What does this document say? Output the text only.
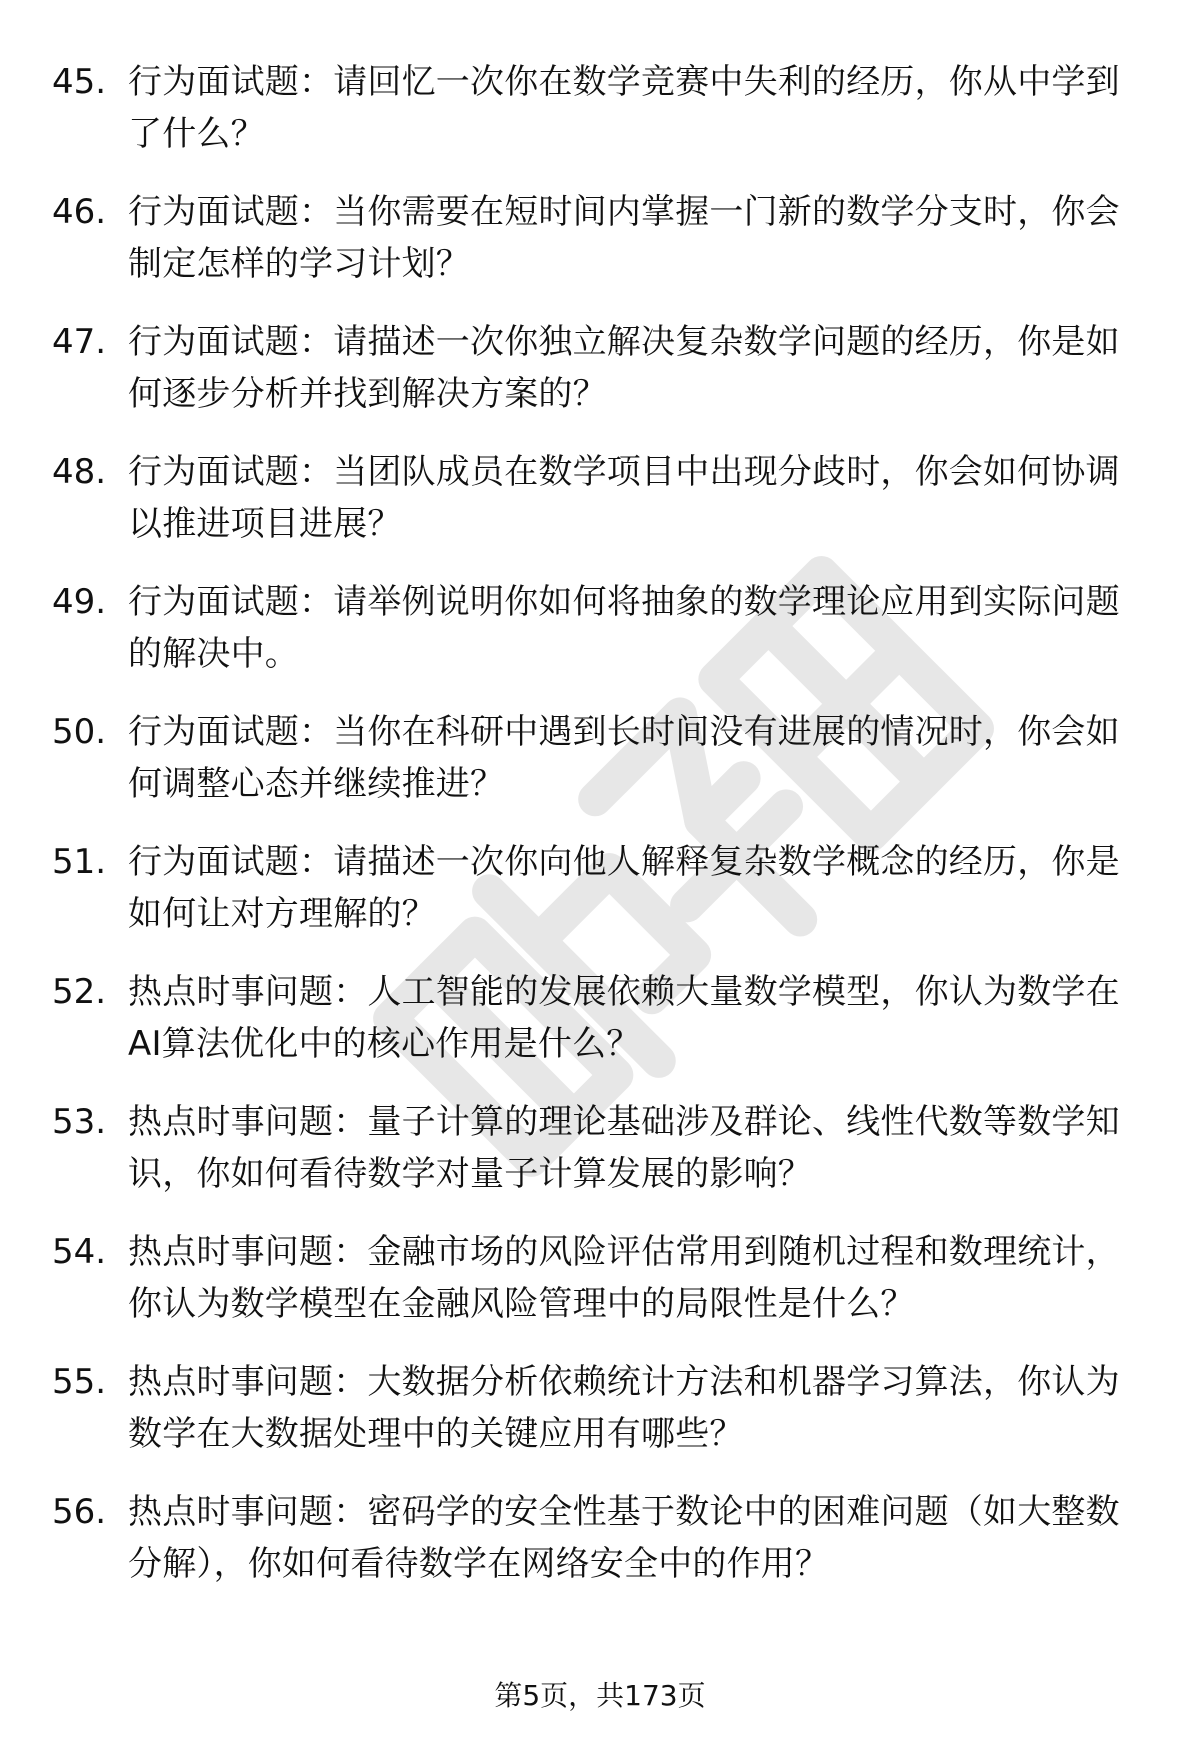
45. 行为面试题：请回忆一次你在数学竞赛中失利的经历，你从中学到了什么？
46. 行为面试题：当你需要在短时间内掌握一门新的数学分支时，你会制定怎样的学习计划？
47. 行为面试题：请描述一次你独立解决复杂数学问题的经历，你是如何逐步分析并找到解决方案的？
48. 行为面试题：当团队成员在数学项目中出现分歧时，你会如何协调以推进项目进展？
49. 行为面试题：请举例说明你如何将抽象的数学理论应用到实际问题的解决中。
50. 行为面试题：当你在科研中遇到长时间没有进展的情况时，你会如何调整心态并继续推进？
51. 行为面试题：请描述一次你向他人解释复杂数学概念的经历，你是如何让对方理解的？
52. 热点时事问题：人工智能的发展依赖大量数学模型，你认为数学在AI算法优化中的核心作用是什么？
53. 热点时事问题：量子计算的理论基础涉及群论、线性代数等数学知识，你如何看待数学对量子计算发展的影响？
54. 热点时事问题：金融市场的风险评估常用到随机过程和数理统计，你认为数学模型在金融风险管理中的局限性是什么？
55. 热点时事问题：大数据分析依赖统计方法和机器学习算法，你认为数学在大数据处理中的关键应用有哪些？
56. 热点时事问题：密码学的安全性基于数论中的困难问题（如大整数分解），你如何看待数学在网络安全中的作用？
第5页，共173页
